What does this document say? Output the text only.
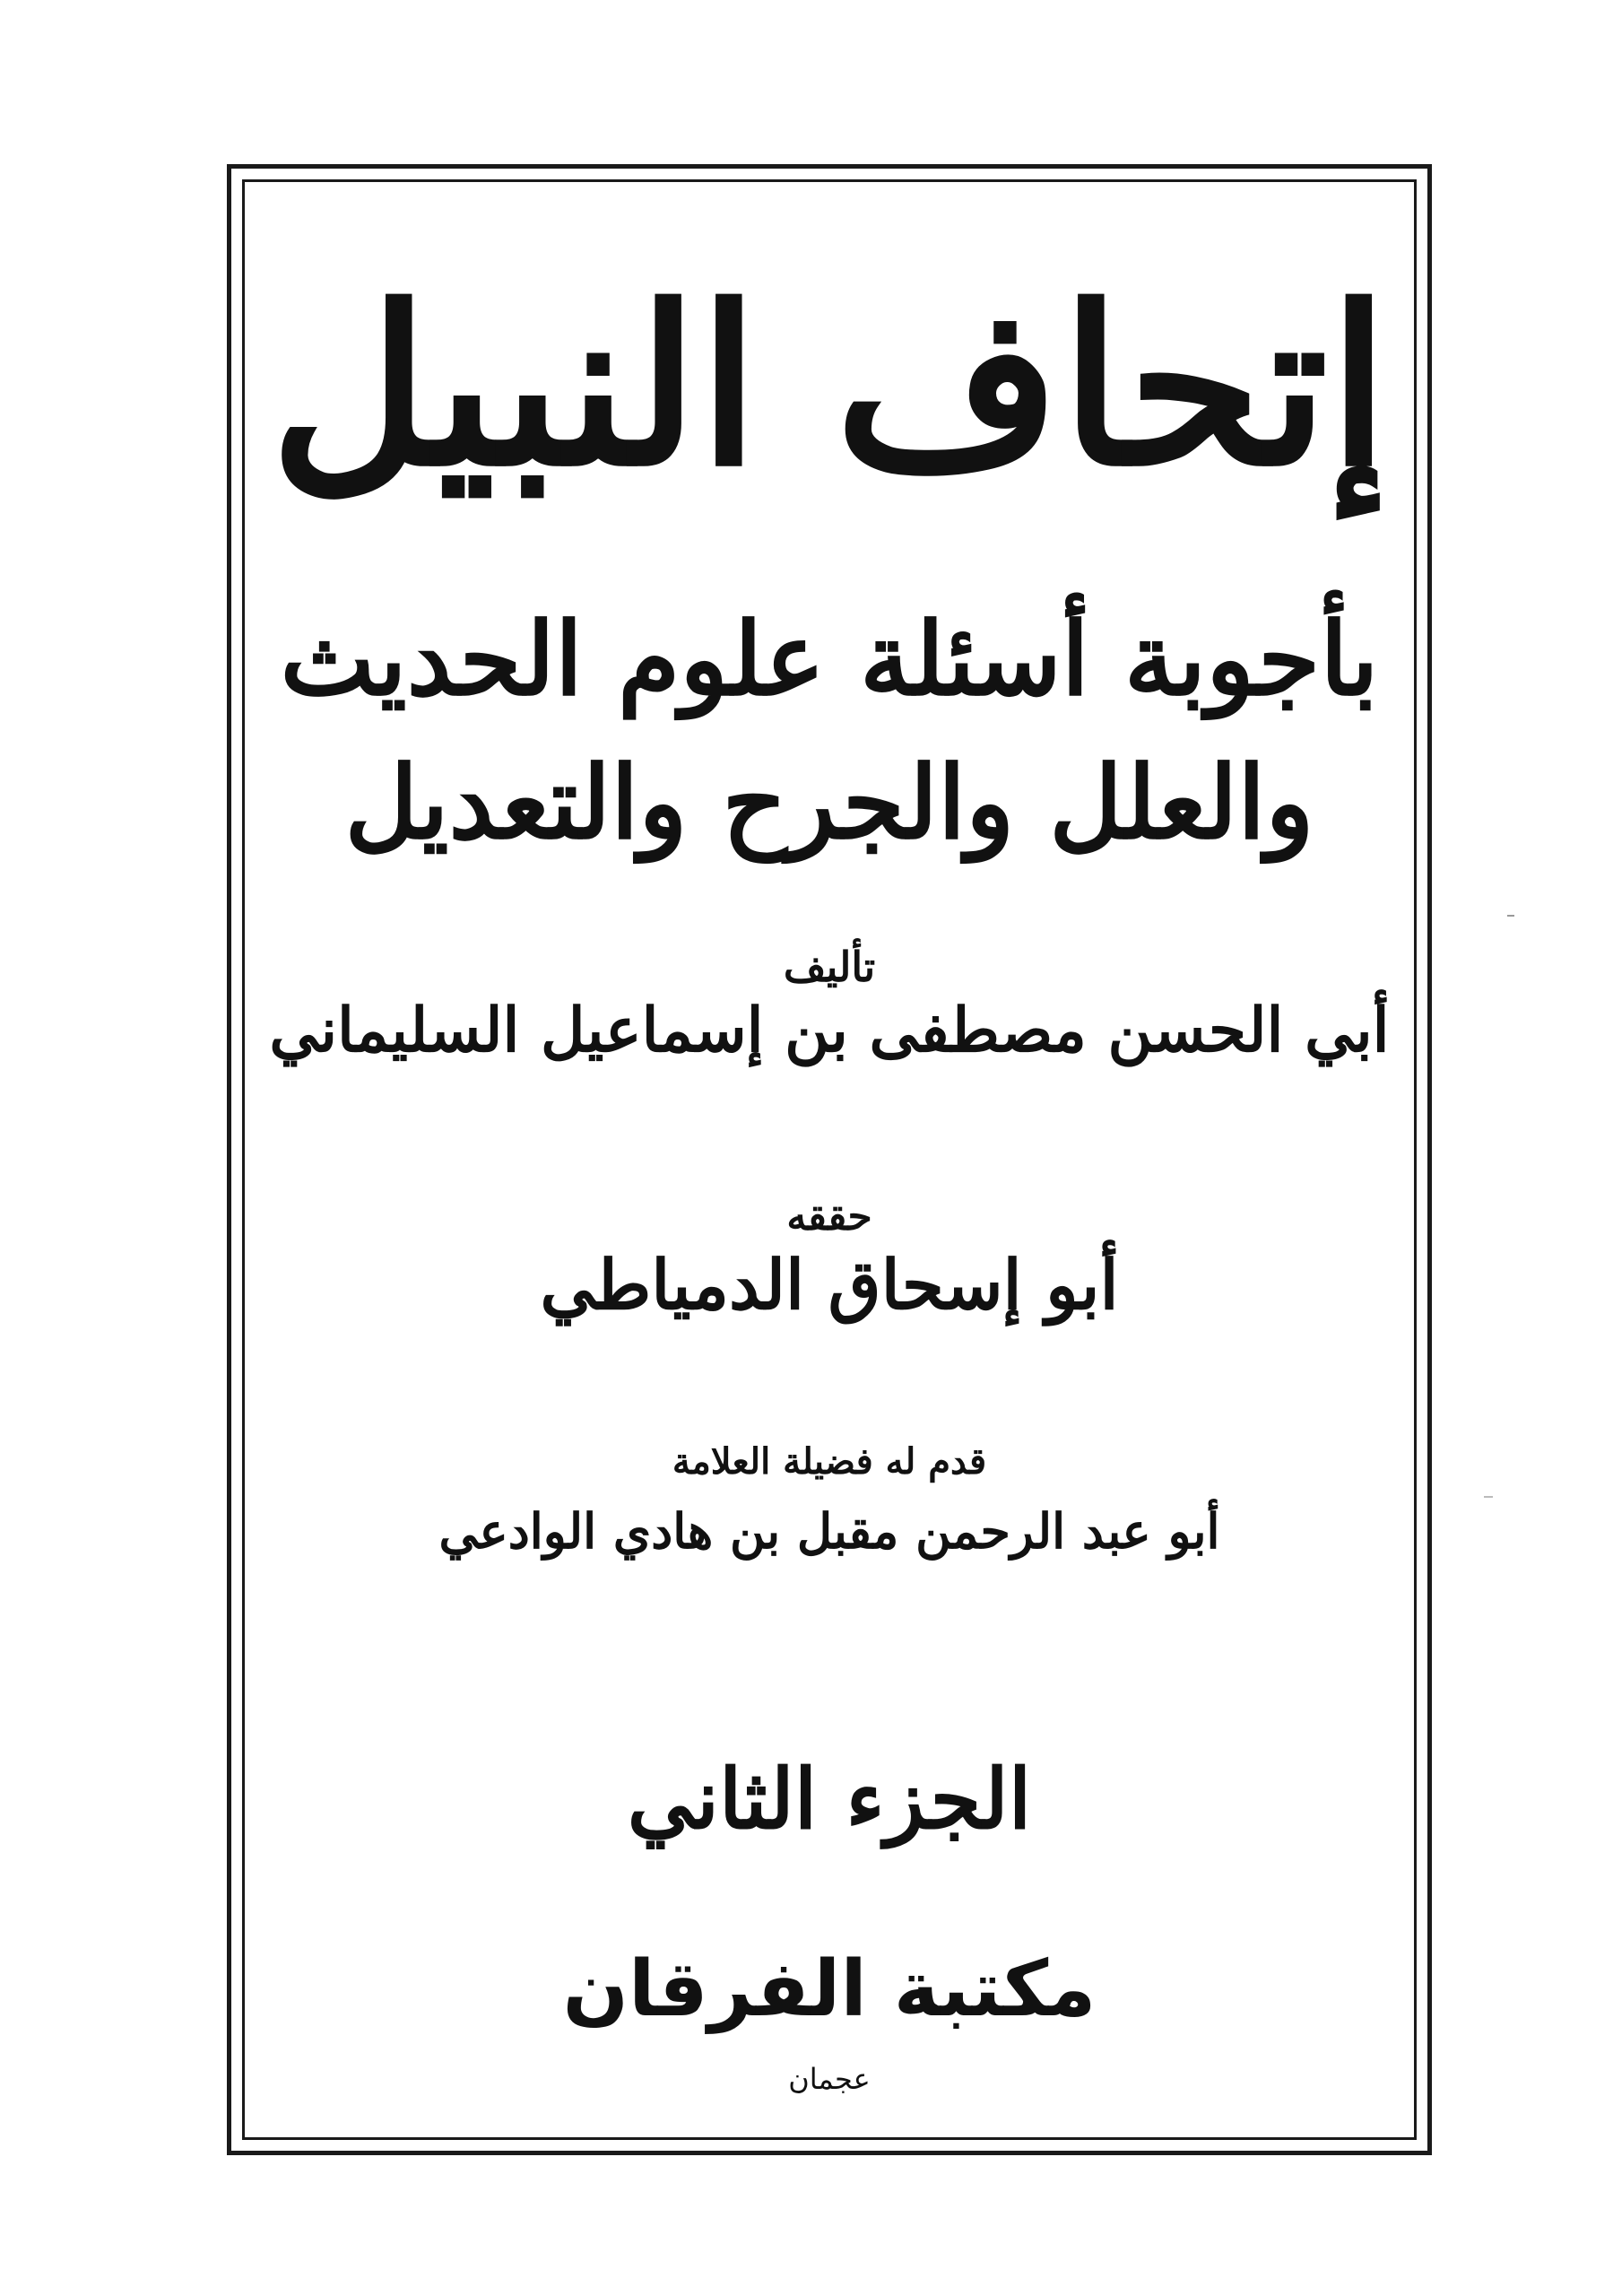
إتحاف النبيل
بأجوبة أسئلة علوم الحديث
والعلل والجرح والتعديل
تأليف
أبي الحسن مصطفى بن إسماعيل السليماني
حققه
أبو إسحاق الدمياطي
قدم له فضيلة العلامة
أبو عبد الرحمن مقبل بن هادي الوادعي
الجزء الثاني
مكتبة الفرقان
عجمان
